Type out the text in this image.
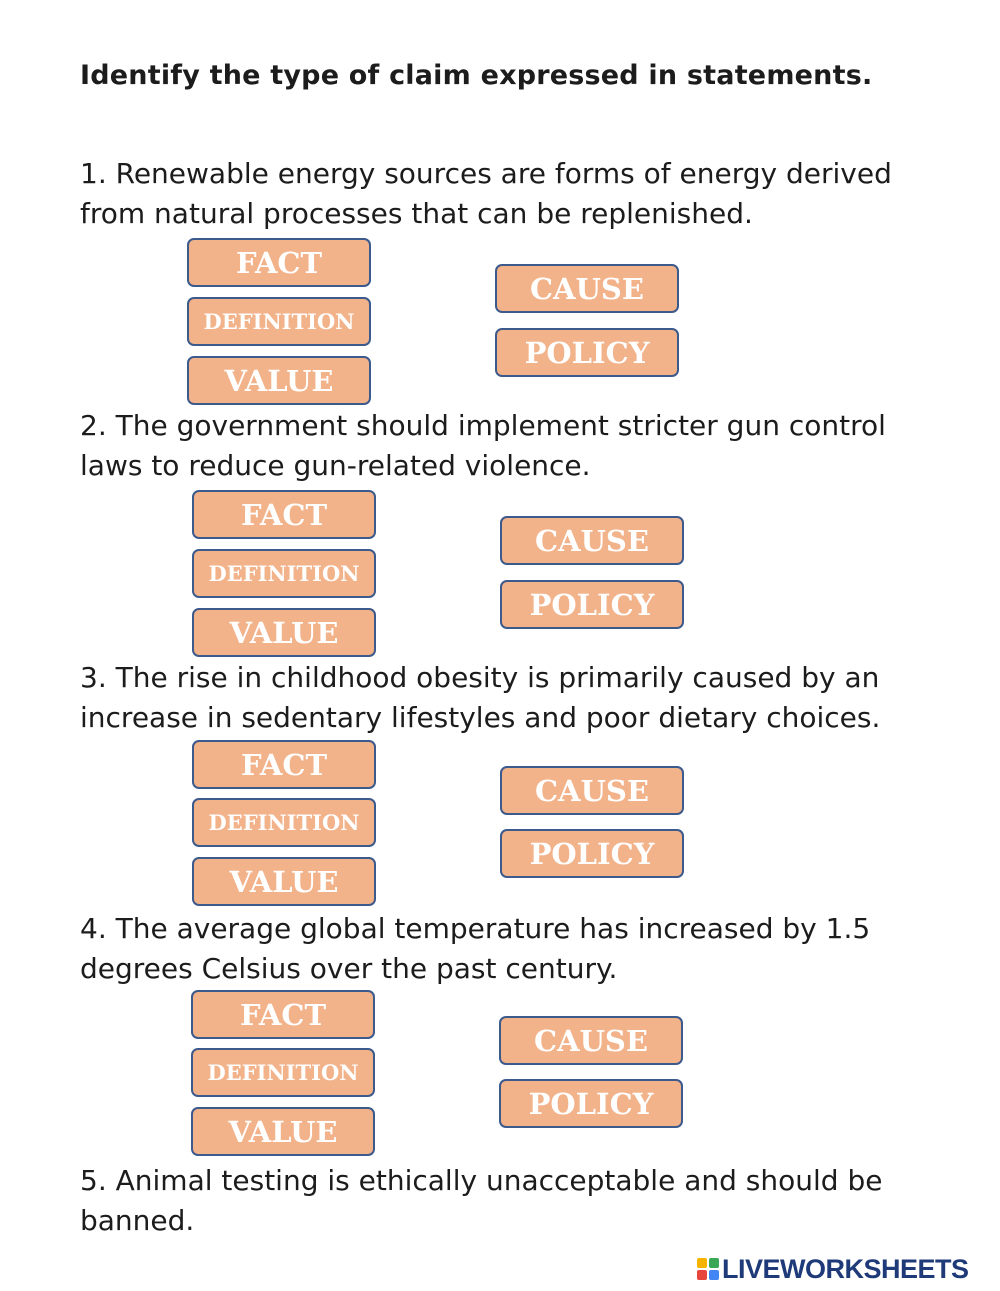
Identify the type of claim expressed in statements.

1. Renewable energy sources are forms of energy derived from natural processes that can be replenished.

FACT
DEFINITION
VALUE
CAUSE
POLICY

2. The government should implement stricter gun control laws to reduce gun-related violence.

FACT
DEFINITION
VALUE
CAUSE
POLICY

3. The rise in childhood obesity is primarily caused by an increase in sedentary lifestyles and poor dietary choices.

FACT
DEFINITION
VALUE
CAUSE
POLICY

4. The average global temperature has increased by 1.5 degrees Celsius over the past century.

FACT
DEFINITION
VALUE
CAUSE
POLICY

5. Animal testing is ethically unacceptable and should be banned.

LIVEWORKSHEETS
